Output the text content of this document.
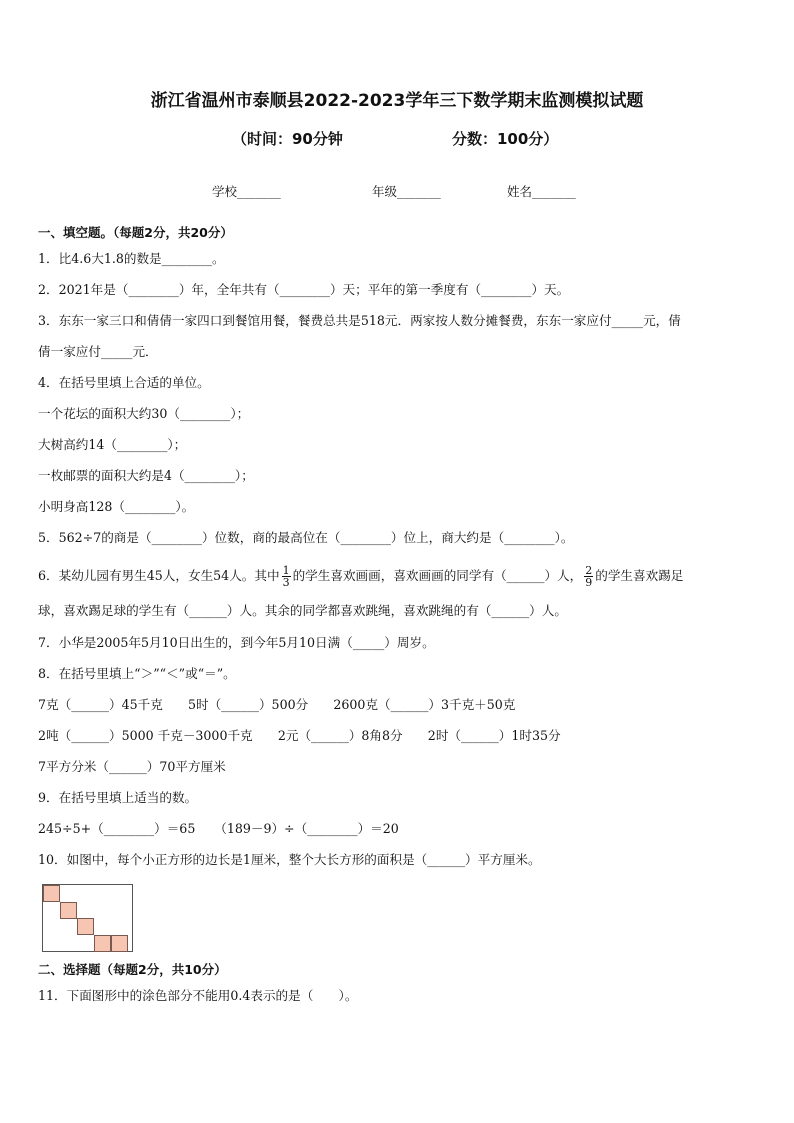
浙江省温州市泰顺县2022-2023学年三下数学期末监测模拟试题
（时间：90分钟	分数：100分）
学校_______	年级_______	姓名_______
一、填空题。（每题2分，共20分）
1．比4.6大1.8的数是________。
2．2021年是（________）年，全年共有（________）天；平年的第一季度有（________）天。
3．东东一家三口和倩倩一家四口到餐馆用餐，餐费总共是518元．两家按人数分摊餐费，东东一家应付_____元，倩
倩一家应付_____元．
4．在括号里填上合适的单位。
一个花坛的面积大约30（________）；
大树高约14（________）；
一枚邮票的面积大约是4（________）；
小明身高128（________）。
5．562÷7的商是（________）位数，商的最高位在（________）位上，商大约是（________）。
6．某幼儿园有男生45人，女生54人。其中 $\frac{1}{3}$ 的学生喜欢画画，喜欢画画的同学有（______）人， $\frac{2}{9}$ 的学生喜欢踢足
球，喜欢踢足球的学生有（______）人。其余的同学都喜欢跳绳，喜欢跳绳的有（______）人。
7．小华是2005年5月10日出生的，到今年5月10日满（_____）周岁。
8．在括号里填上“＞”“＜”或“＝”。
7克（______）45千克　　5时（______）500分　　2600克（______）3千克＋50克
2吨（______）5000 千克－3000千克　　2元（______）8角8分　　2时（______）1时35分
7平方分米（______）70平方厘米
9．在括号里填上适当的数。
245÷5+（________）＝65　　（189－9）÷（________）＝20
10．如图中，每个小正方形的边长是1厘米，整个大长方形的面积是（______）平方厘米。
二、选择题（每题2分，共10分）
11．下面图形中的涂色部分不能用0.4表示的是（　　）。
